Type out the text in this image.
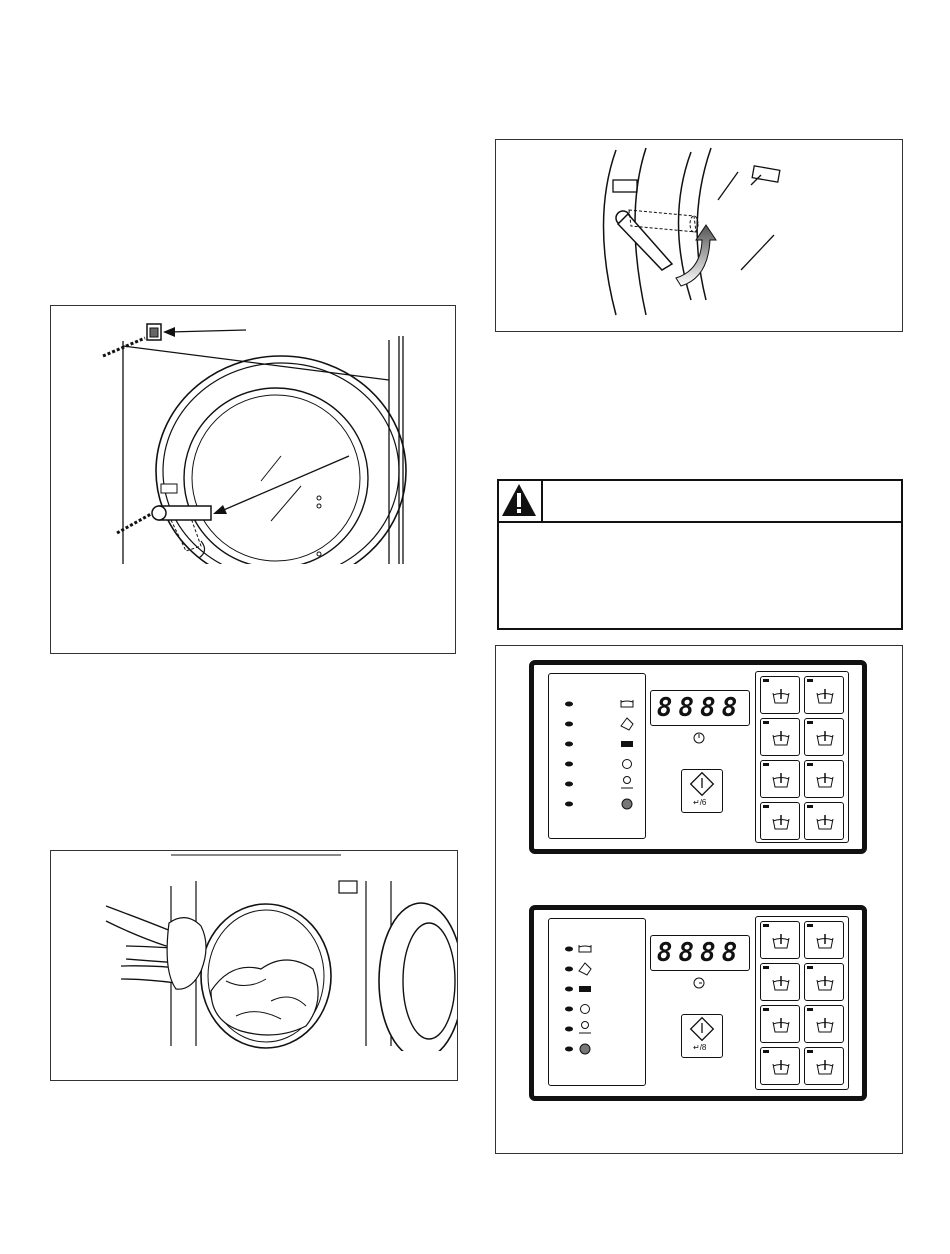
8888
↵/6
8888
↵/8
